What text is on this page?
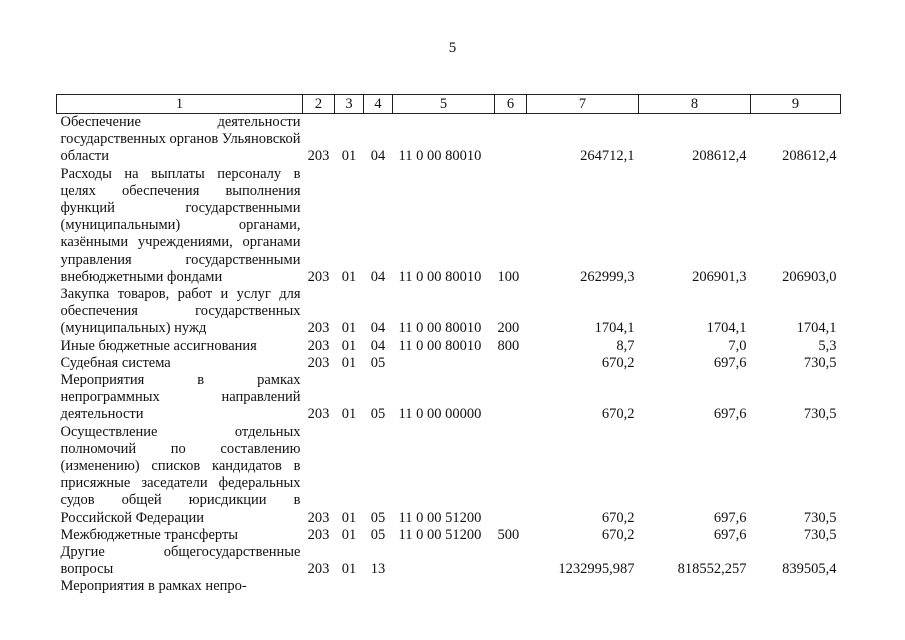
5
1	2	3	4	5	6	7	8	9
Обеспечение деятельности государственных органов Ульяновской области	203	01	04	11 0 00 80010		264712,1	208612,4	208612,4
Расходы на выплаты персоналу в целях обеспечения выполнения функций государственными (муниципальными) органами, казёнными учреждениями, органами управления государственными внебюджетными фондами	203	01	04	11 0 00 80010	100	262999,3	206901,3	206903,0
Закупка товаров, работ и услуг для обеспечения государственных (муниципальных) нужд	203	01	04	11 0 00 80010	200	1704,1	1704,1	1704,1
Иные бюджетные ассигнования	203	01	04	11 0 00 80010	800	8,7	7,0	5,3
Судебная система	203	01	05			670,2	697,6	730,5
Мероприятия в рамках непрограммных направлений деятельности	203	01	05	11 0 00 00000		670,2	697,6	730,5
Осуществление отдельных полномочий по составлению (изменению) списков кандидатов в присяжные заседатели федеральных судов общей юрисдикции в Российской Федерации	203	01	05	11 0 00 51200		670,2	697,6	730,5
Межбюджетные трансферты	203	01	05	11 0 00 51200	500	670,2	697,6	730,5
Другие общегосударственные вопросы	203	01	13			1232995,987	818552,257	839505,4
Мероприятия в рамках непро-								
